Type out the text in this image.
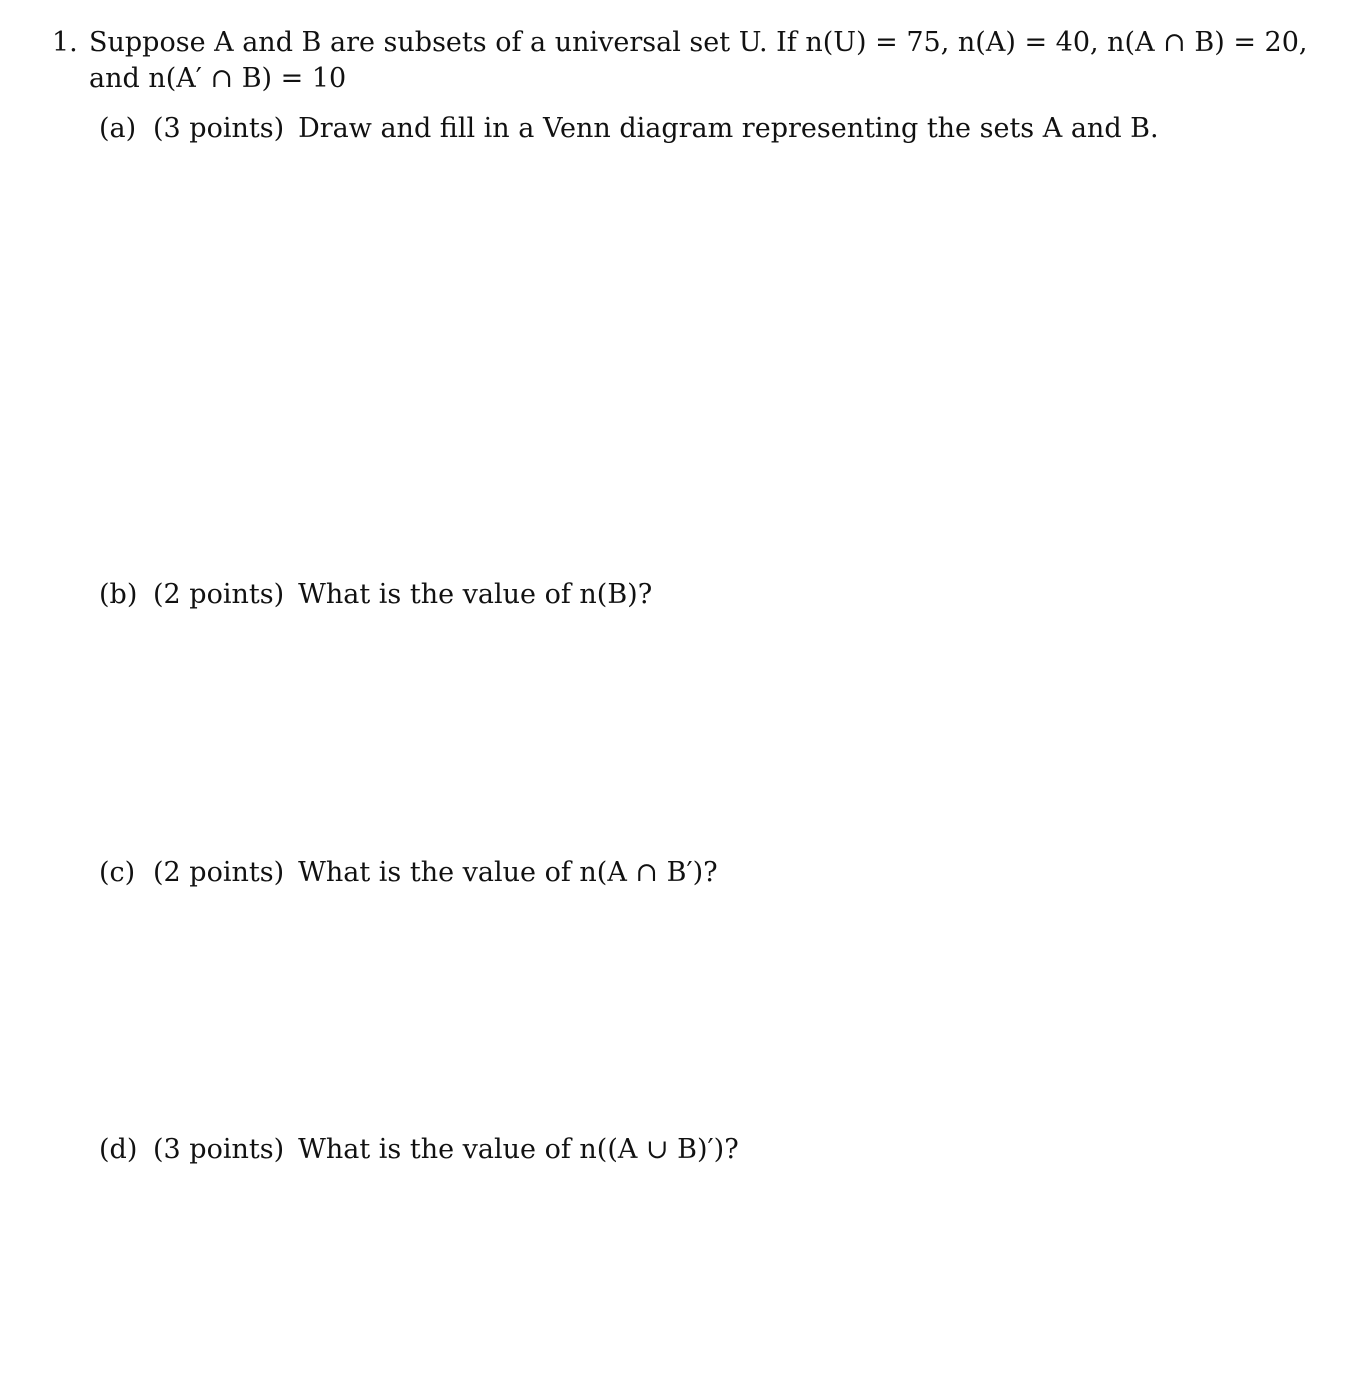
1. Suppose A and B are subsets of a universal set U. If n(U) = 75, n(A) = 40, n(A ∩ B) = 20,
and n(A′ ∩ B) = 10
(a) (3 points) Draw and fill in a Venn diagram representing the sets A and B.
(b) (2 points) What is the value of n(B)?
(c) (2 points) What is the value of n(A ∩ B′)?
(d) (3 points) What is the value of n((A ∪ B)′)?
